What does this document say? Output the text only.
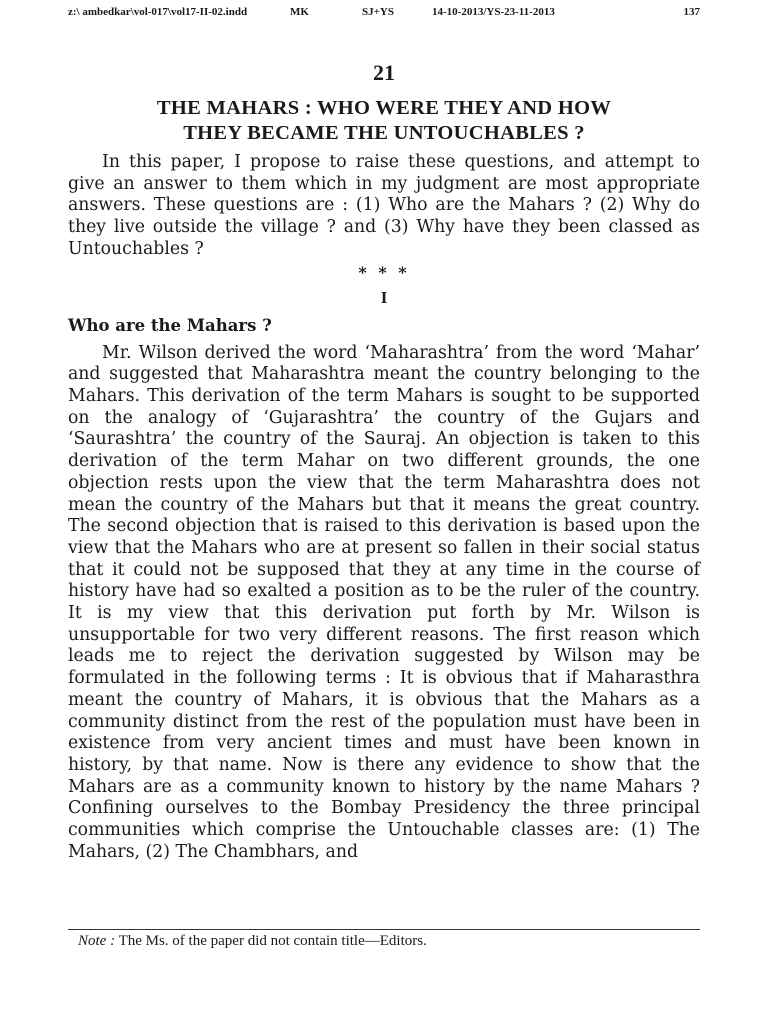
z:\ ambedkar\vol-017\vol17-II-02.indd	MK	SJ+YS	14-10-2013/YS-23-11-2013	137
21
THE MAHARS : WHO WERE THEY AND HOW
THEY BECAME THE UNTOUCHABLES ?

In this paper, I propose to raise these questions, and attempt to give an answer to them which in my judgment are most appropriate answers. These questions are : (1) Who are the Mahars ? (2) Why do they live outside the village ? and (3) Why have they been classed as Untouchables ?

* * *
I
Who are the Mahars ?

Mr. Wilson derived the word ‘Maharashtra’ from the word ‘Mahar’ and suggested that Maharashtra meant the country belonging to the Mahars. This derivation of the term Mahars is sought to be supported on the analogy of ‘Gujarashtra’ the country of the Gujars and ‘Saurashtra’ the country of the Sauraj. An objection is taken to this derivation of the term Mahar on two different grounds, the one objection rests upon the view that the term Maharashtra does not mean the country of the Mahars but that it means the great country. The second objection that is raised to this derivation is based upon the view that the Mahars who are at present so fallen in their social status that it could not be supposed that they at any time in the course of history have had so exalted a position as to be the ruler of the country. It is my view that this derivation put forth by Mr. Wilson is unsupportable for two very different reasons. The first reason which leads me to reject the derivation suggested by Wilson may be formulated in the following terms : It is obvious that if Maharasthra meant the country of Mahars, it is obvious that the Mahars as a community distinct from the rest of the population must have been in existence from very ancient times and must have been known in history, by that name. Now is there any evidence to show that the Mahars are as a community known to history by the name Mahars ? Confining ourselves to the Bombay Presidency the three principal communities which comprise the Untouchable classes are: (1) The Mahars, (2) The Chambhars, and

Note : The Ms. of the paper did not contain title—Editors.
